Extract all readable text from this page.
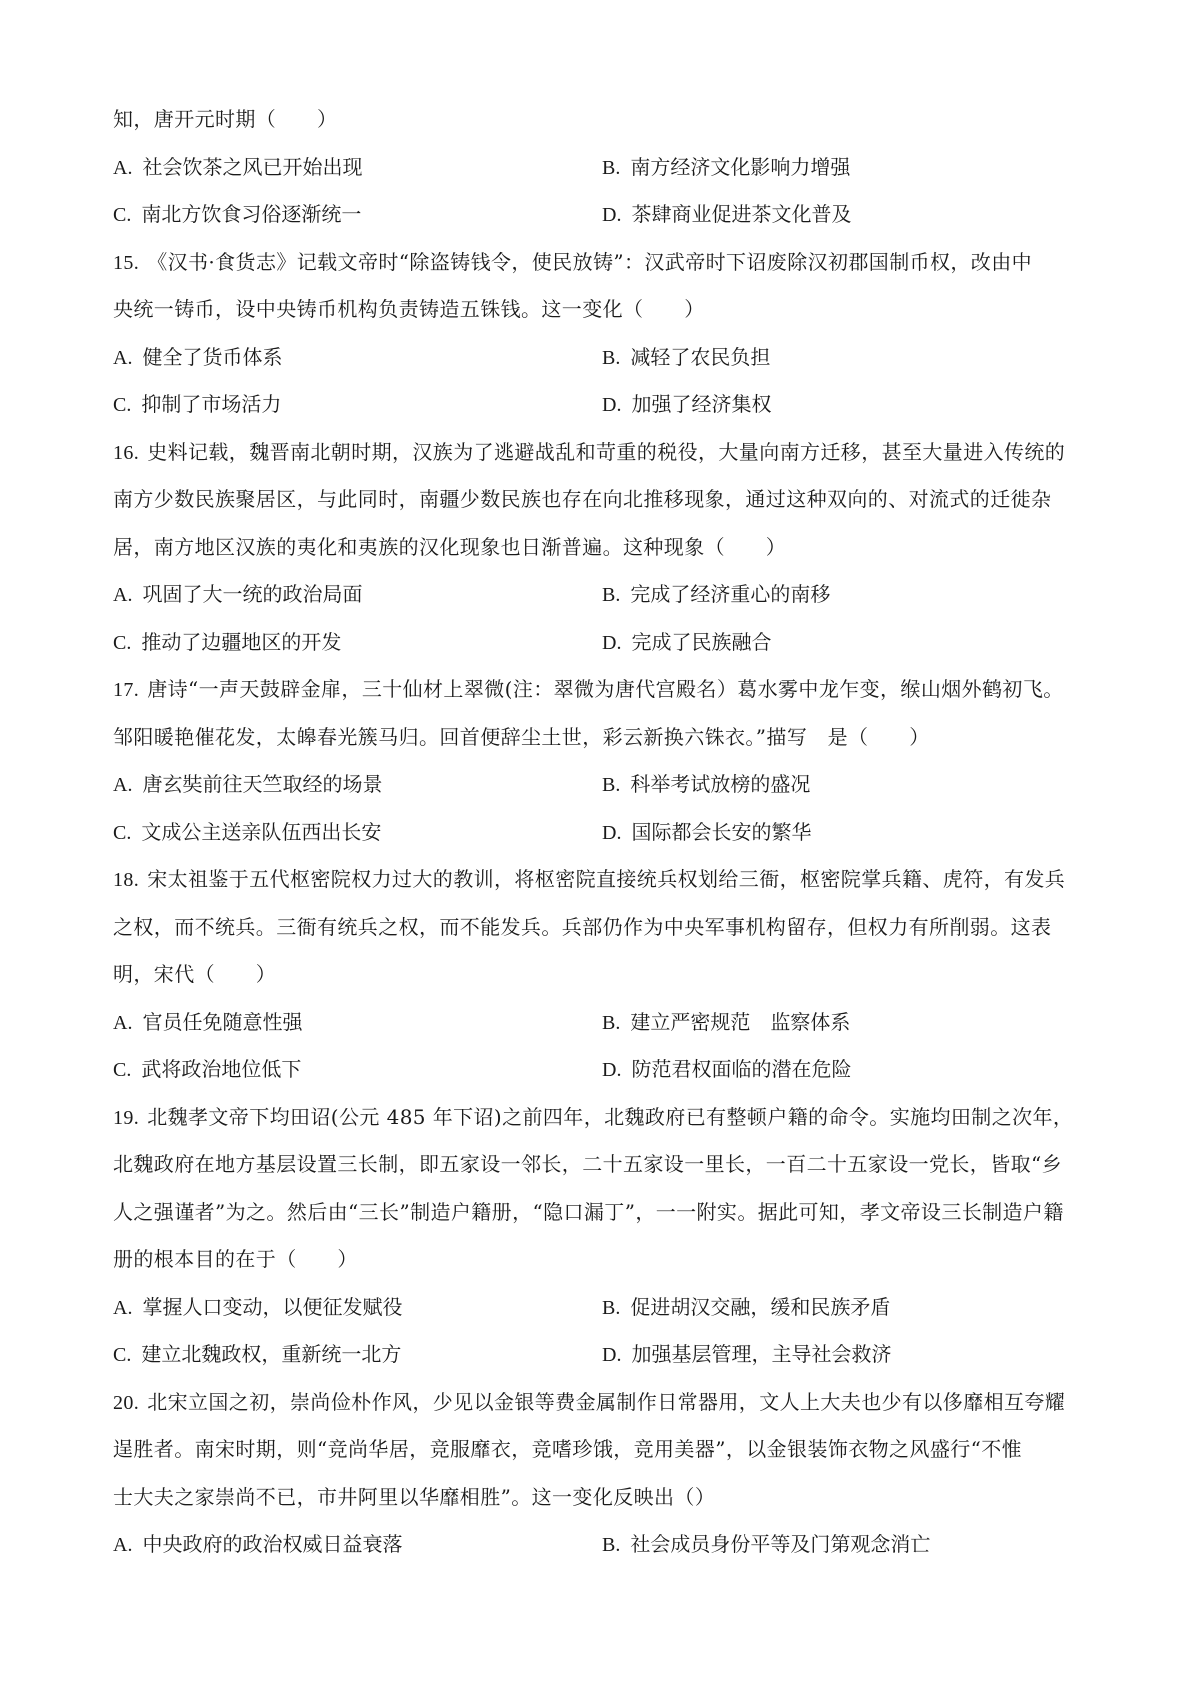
知，唐开元时期（　　）
A. 社会饮茶之风已开始出现	B. 南方经济文化影响力增强
C. 南北方饮食习俗逐渐统一	D. 茶肆商业促进茶文化普及
15. 《汉书·食货志》记载文帝时“除盗铸钱令，使民放铸”：汉武帝时下诏废除汉初郡国制币权，改由中
央统一铸币，设中央铸币机构负责铸造五铢钱。这一变化（　　）
A. 健全了货币体系	B. 减轻了农民负担
C. 抑制了市场活力	D. 加强了经济集权
16. 史料记载，魏晋南北朝时期，汉族为了逃避战乱和苛重的税役，大量向南方迁移，甚至大量进入传统的
南方少数民族聚居区，与此同时，南疆少数民族也存在向北推移现象，通过这种双向的、对流式的迁徙杂
居，南方地区汉族的夷化和夷族的汉化现象也日渐普遍。这种现象（　　）
A. 巩固了大一统的政治局面	B. 完成了经济重心的南移
C. 推动了边疆地区的开发	D. 完成了民族融合
17. 唐诗“一声天鼓辟金扉，三十仙材上翠微(注：翠微为唐代宫殿名）葛水雾中龙乍变，缑山烟外鹤初飞。
邹阳暖艳催花发，太皞春光簇马归。回首便辞尘土世，彩云新换六铢衣。”描写　是（　　）
A. 唐玄奘前往天竺取经的场景	B. 科举考试放榜的盛况
C. 文成公主送亲队伍西出长安	D. 国际都会长安的繁华
18. 宋太祖鉴于五代枢密院权力过大的教训，将枢密院直接统兵权划给三衙，枢密院掌兵籍、虎符，有发兵
之权，而不统兵。三衙有统兵之权，而不能发兵。兵部仍作为中央军事机构留存，但权力有所削弱。这表
明，宋代（　　）
A. 官员任免随意性强	B. 建立严密规范　监察体系
C. 武将政治地位低下	D. 防范君权面临的潜在危险
19. 北魏孝文帝下均田诏(公元 485 年下诏)之前四年，北魏政府已有整顿户籍的命令。实施均田制之次年，
北魏政府在地方基层设置三长制，即五家设一邻长，二十五家设一里长，一百二十五家设一党长，皆取“乡
人之强谨者”为之。然后由“三长”制造户籍册，“隐口漏丁”，一一附实。据此可知，孝文帝设三长制造户籍
册的根本目的在于（　　）
A. 掌握人口变动，以便征发赋役	B. 促进胡汉交融，缓和民族矛盾
C. 建立北魏政权，重新统一北方	D. 加强基层管理，主导社会救济
20. 北宋立国之初，崇尚俭朴作风，少见以金银等费金属制作日常器用，文人上大夫也少有以侈靡相互夸耀
逞胜者。南宋时期，则“竞尚华居，竞服靡衣，竞嗜珍饿，竞用美器”，以金银装饰衣物之风盛行“不惟
士大夫之家崇尚不已，市井阿里以华靡相胜”。这一变化反映出（）
A. 中央政府的政治权威日益衰落	B. 社会成员身份平等及门第观念消亡
